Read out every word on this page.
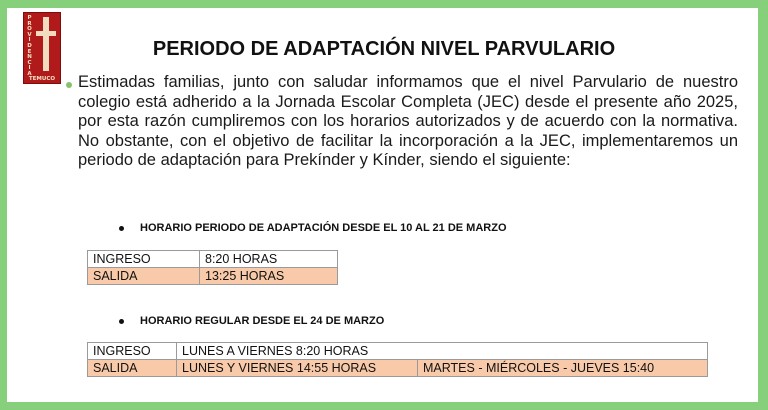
P
R
O
V
I
D
E
N
C
I
A
TEMUCO
PERIODO DE ADAPTACIÓN NIVEL PARVULARIO

Estimadas familias, junto con saludar informamos que el nivel Parvulario de nuestro colegio está adherido a la Jornada Escolar Completa (JEC) desde el presente año 2025, por esta razón cumpliremos con los horarios autorizados y de acuerdo con la normativa. No obstante, con el objetivo de facilitar la incorporación a la JEC, implementaremos un periodo de adaptación para Prekínder y Kínder, siendo el siguiente:

HORARIO PERIODO DE ADAPTACIÓN DESDE EL 10 AL 21 DE MARZO
INGRESO	8:20 HORAS
SALIDA	13:25 HORAS
HORARIO REGULAR DESDE EL 24 DE MARZO
INGRESO	LUNES A VIERNES 8:20 HORAS	
SALIDA	LUNES Y VIERNES 14:55 HORAS	MARTES - MIÉRCOLES - JUEVES 15:40
